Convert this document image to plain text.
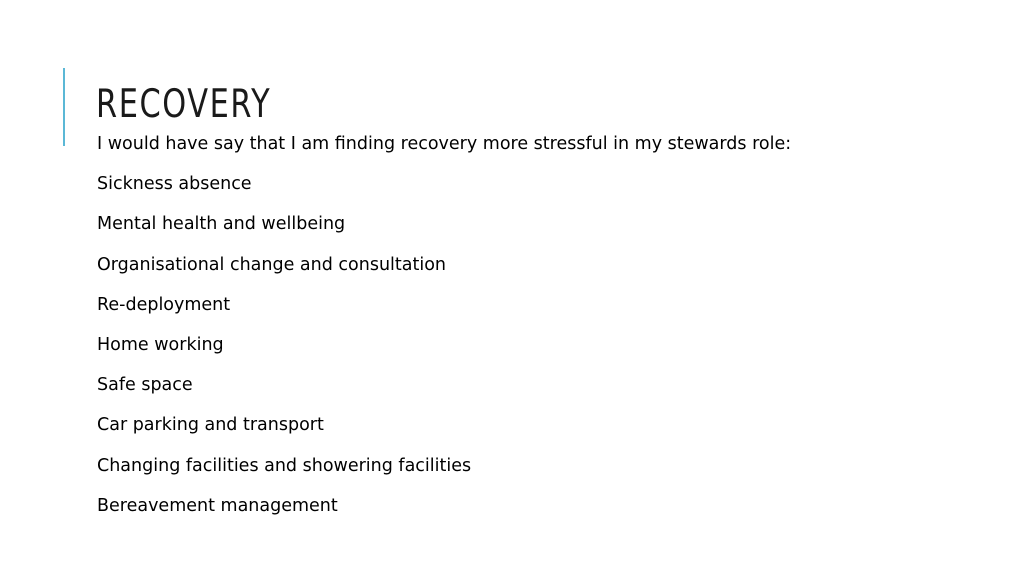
RECOVERY
I would have say that I am finding recovery more stressful in my stewards role:
Sickness absence
Mental health and wellbeing
Organisational change and consultation
Re-deployment
Home working
Safe space
Car parking and transport
Changing facilities and showering facilities
Bereavement management
